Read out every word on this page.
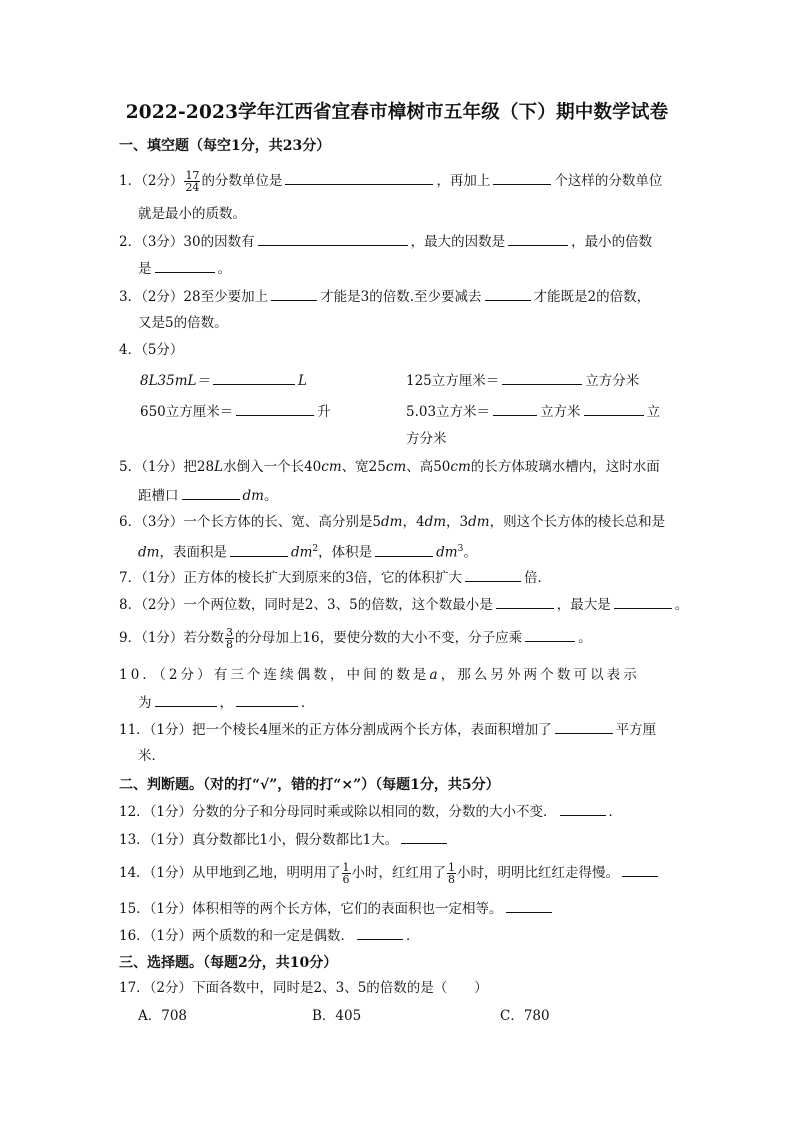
2022-2023学年江西省宜春市樟树市五年级（下）期中数学试卷
一、填空题（每空1分，共23分）
1．（2分） $\frac{17}{24}$ 的分数单位是	，再加上	个这样的分数单位
就是最小的质数。
2．（3分）30的因数有	，最大的因数是	，最小的倍数
是	。
3．（2分）28至少要加上	才能是3的倍数.至少要减去	才能既是2的倍数，
又是5的倍数。
4．（5分）
8L35mL＝	L	125立方厘米＝	立方分米
650立方厘米＝	升	5.03立方米＝	立方米	立
方分米
5．（1分）把28L水倒入一个长40cm、宽25cm、高50cm的长方体玻璃水槽内，这时水面
距槽口	dm。
6．（3分）一个长方体的长、宽、高分别是5dm，4dm，3dm，则这个长方体的棱长总和是
dm，表面积是	$dm^2$，体积是	$dm^3$。
7．（1分）正方体的棱长扩大到原来的3倍，它的体积扩大	倍．
8．（2分）一个两位数，同时是2、3、5的倍数，这个数最小是	，最大是	。
9．（1分）若分数 $\frac{3}{8}$ 的分母加上16，要使分数的大小不变，分子应乘	。
10．（2分）有三个连续偶数，中间的数是a，那么另外两个数可以表示
为	，	．
11．（1分）把一个棱长4厘米的正方体分割成两个长方体，表面积增加了	平方厘
米．
二、判断题。（对的打“√”，错的打“×”）（每题1分，共5分）
12．（1分）分数的分子和分母同时乘或除以相同的数，分数的大小不变．	．
13．（1分）真分数都比1小，假分数都比1大。
14．（1分）从甲地到乙地，明明用了 $\frac{1}{6}$ 小时，红红用了 $\frac{1}{8}$ 小时，明明比红红走得慢。
15．（1分）体积相等的两个长方体，它们的表面积也一定相等。
16．（1分）两个质数的和一定是偶数．	．
三、选择题。（每题2分，共10分）
17．（2分）下面各数中，同时是2、3、5的倍数的是（　　）
A．708	B．405	C．780
